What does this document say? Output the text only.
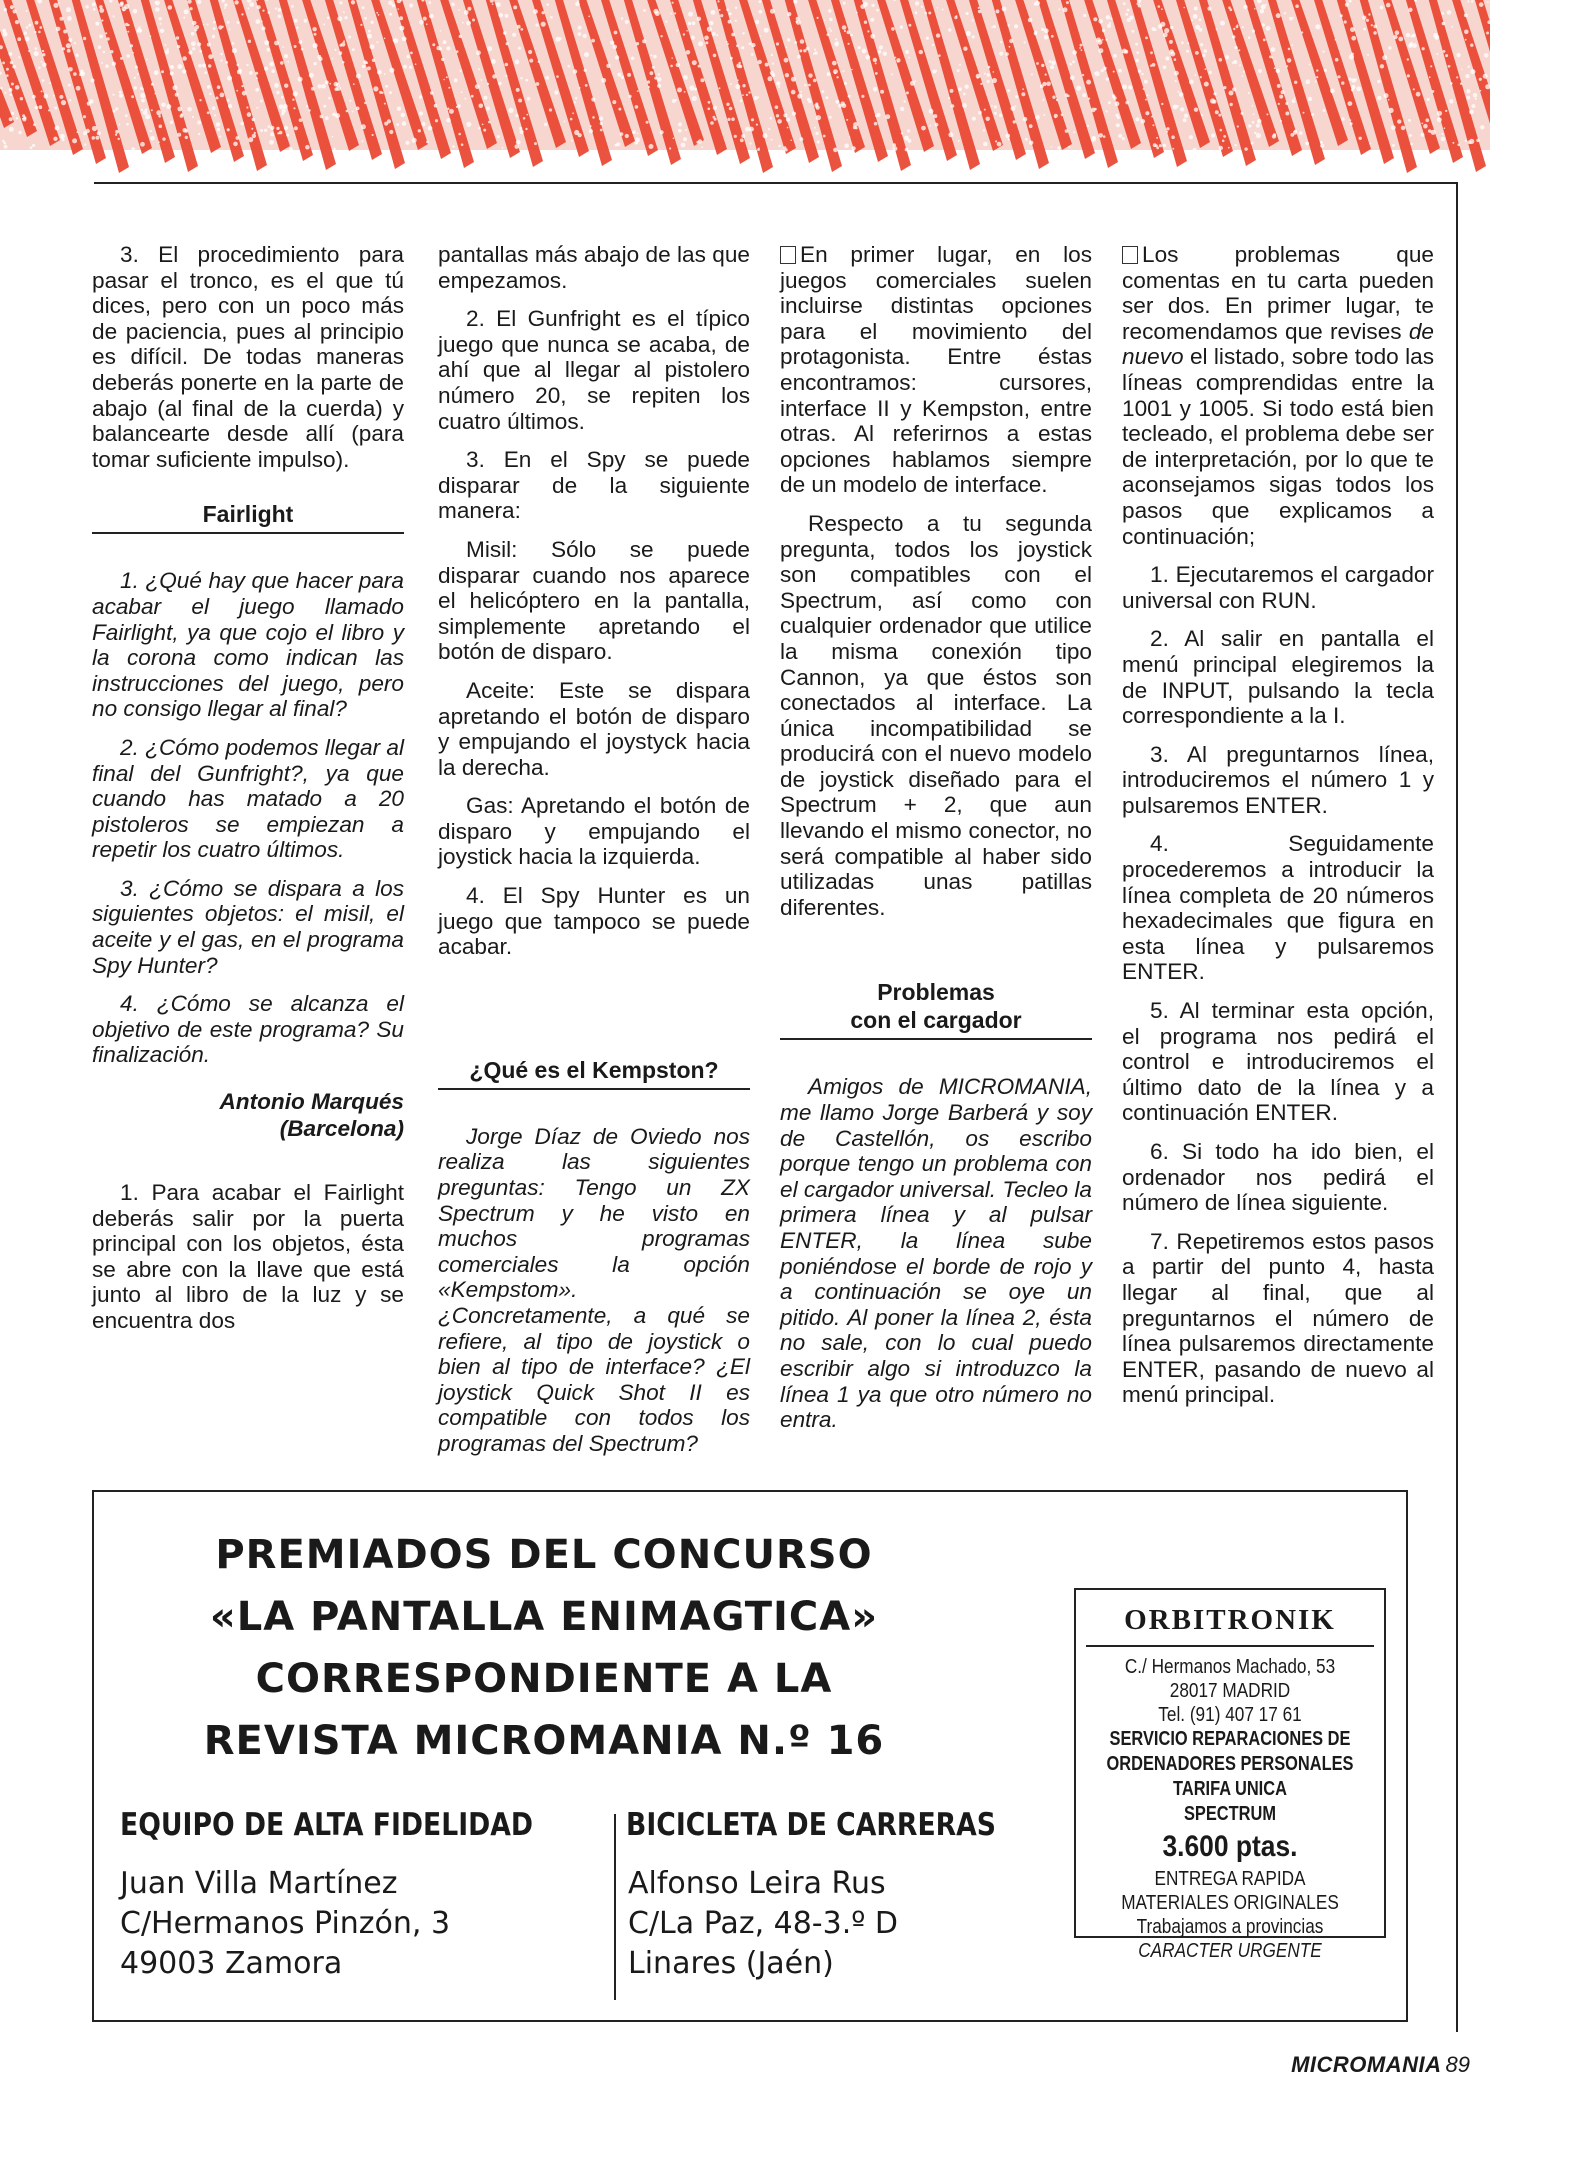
3. El procedimiento para pasar el tronco, es el que tú dices, pero con un poco más de paciencia, pues al principio es difícil. De todas maneras deberás ponerte en la parte de abajo (al final de la cuerda) y balancearte desde allí (para tomar suficiente impulso).

Fairlight

1. ¿Qué hay que hacer para acabar el juego llamado Fairlight, ya que cojo el libro y la corona como indican las instrucciones del juego, pero no consigo llegar al final?

2. ¿Cómo podemos llegar al final del Gunfright?, ya que cuando has matado a 20 pistoleros se empiezan a repetir los cuatro últimos.

3. ¿Cómo se dispara a los siguientes objetos: el misil, el aceite y el gas, en el programa Spy Hunter?

4. ¿Cómo se alcanza el objetivo de este programa? Su finalización.

Antonio Marqués
(Barcelona)

1. Para acabar el Fairlight deberás salir por la puerta principal con los objetos, ésta se abre con la llave que está junto al libro de la luz y se encuentra dos

pantallas más abajo de las que empezamos.

2. El Gunfright es el típico juego que nunca se acaba, de ahí que al llegar al pistolero número 20, se repiten los cuatro últimos.

3. En el Spy se puede disparar de la siguiente manera:

Misil: Sólo se puede disparar cuando nos aparece el helicóptero en la pantalla, simplemente apretando el botón de disparo.

Aceite: Este se dispara apretando el botón de disparo y empujando el joystyck hacia la derecha.

Gas: Apretando el botón de disparo y empujando el joystick hacia la izquierda.

4. El Spy Hunter es un juego que tampoco se puede acabar.

¿Qué es el Kempston?

Jorge Díaz de Oviedo nos realiza las siguientes preguntas: Tengo un ZX Spectrum y he visto en muchos programas comerciales la opción «Kempstom». ¿Concretamente, a qué se refiere, al tipo de joystick o bien al tipo de interface? ¿El joystick Quick Shot II es compatible con todos los programas del Spectrum?

En primer lugar, en los juegos comerciales suelen incluirse distintas opciones para el movimiento del protagonista. Entre éstas encontramos: cursores, interface II y Kempston, entre otras. Al referirnos a estas opciones hablamos siempre de un modelo de interface.

Respecto a tu segunda pregunta, todos los joystick son compatibles con el Spectrum, así como con cualquier ordenador que utilice la misma conexión tipo Cannon, ya que éstos son conectados al interface. La única incompatibilidad se producirá con el nuevo modelo de joystick diseñado para el Spectrum + 2, que aun llevando el mismo conector, no será compatible al haber sido utilizadas unas patillas diferentes.

Problemas
con el cargador

Amigos de MICROMANIA, me llamo Jorge Barberá y soy de Castellón, os escribo porque tengo un problema con el cargador universal. Tecleo la primera línea y al pulsar ENTER, la línea sube poniéndose el borde de rojo y a continuación se oye un pitido. Al poner la línea 2, ésta no sale, con lo cual puedo escribir algo si introduzco la línea 1 ya que otro número no entra.

Los problemas que comentas en tu carta pueden ser dos. En primer lugar, te recomendamos que revises de nuevo el listado, sobre todo las líneas comprendidas entre la 1001 y 1005. Si todo está bien tecleado, el problema debe ser de interpretación, por lo que te aconsejamos sigas todos los pasos que explicamos a continuación;

1. Ejecutaremos el cargador universal con RUN.

2. Al salir en pantalla el menú principal elegiremos la de INPUT, pulsando la tecla correspondiente a la I.

3. Al preguntarnos línea, introduciremos el número 1 y pulsaremos ENTER.

4. Seguidamente procederemos a introducir la línea completa de 20 números hexadecimales que figura en esta línea y pulsaremos ENTER.

5. Al terminar esta opción, el programa nos pedirá el control e introduciremos el último dato de la línea y a continuación ENTER.

6. Si todo ha ido bien, el ordenador nos pedirá el número de línea siguiente.

7. Repetiremos estos pasos a partir del punto 4, hasta llegar al final, que al preguntarnos el número de línea pulsaremos directamente ENTER, pasando de nuevo al menú principal.

PREMIADOS DEL CONCURSO
«LA PANTALLA ENIMAGTICA»
CORRESPONDIENTE A LA
REVISTA MICROMANIA N.º 16
EQUIPO DE ALTA FIDELIDAD
Juan Villa Martínez
C/Hermanos Pinzón, 3
49003 Zamora
BICICLETA DE CARRERAS
Alfonso Leira Rus
C/La Paz, 48-3.º D
Linares (Jaén)
ORBITRONIK
C./ Hermanos Machado, 53
28017 MADRID
Tel. (91) 407 17 61
SERVICIO REPARACIONES DE
ORDENADORES PERSONALES
TARIFA UNICA
SPECTRUM
3.600 ptas.
ENTREGA RAPIDA
MATERIALES ORIGINALES
Trabajamos a provincias
CARACTER URGENTE
MICROMANIA 89
